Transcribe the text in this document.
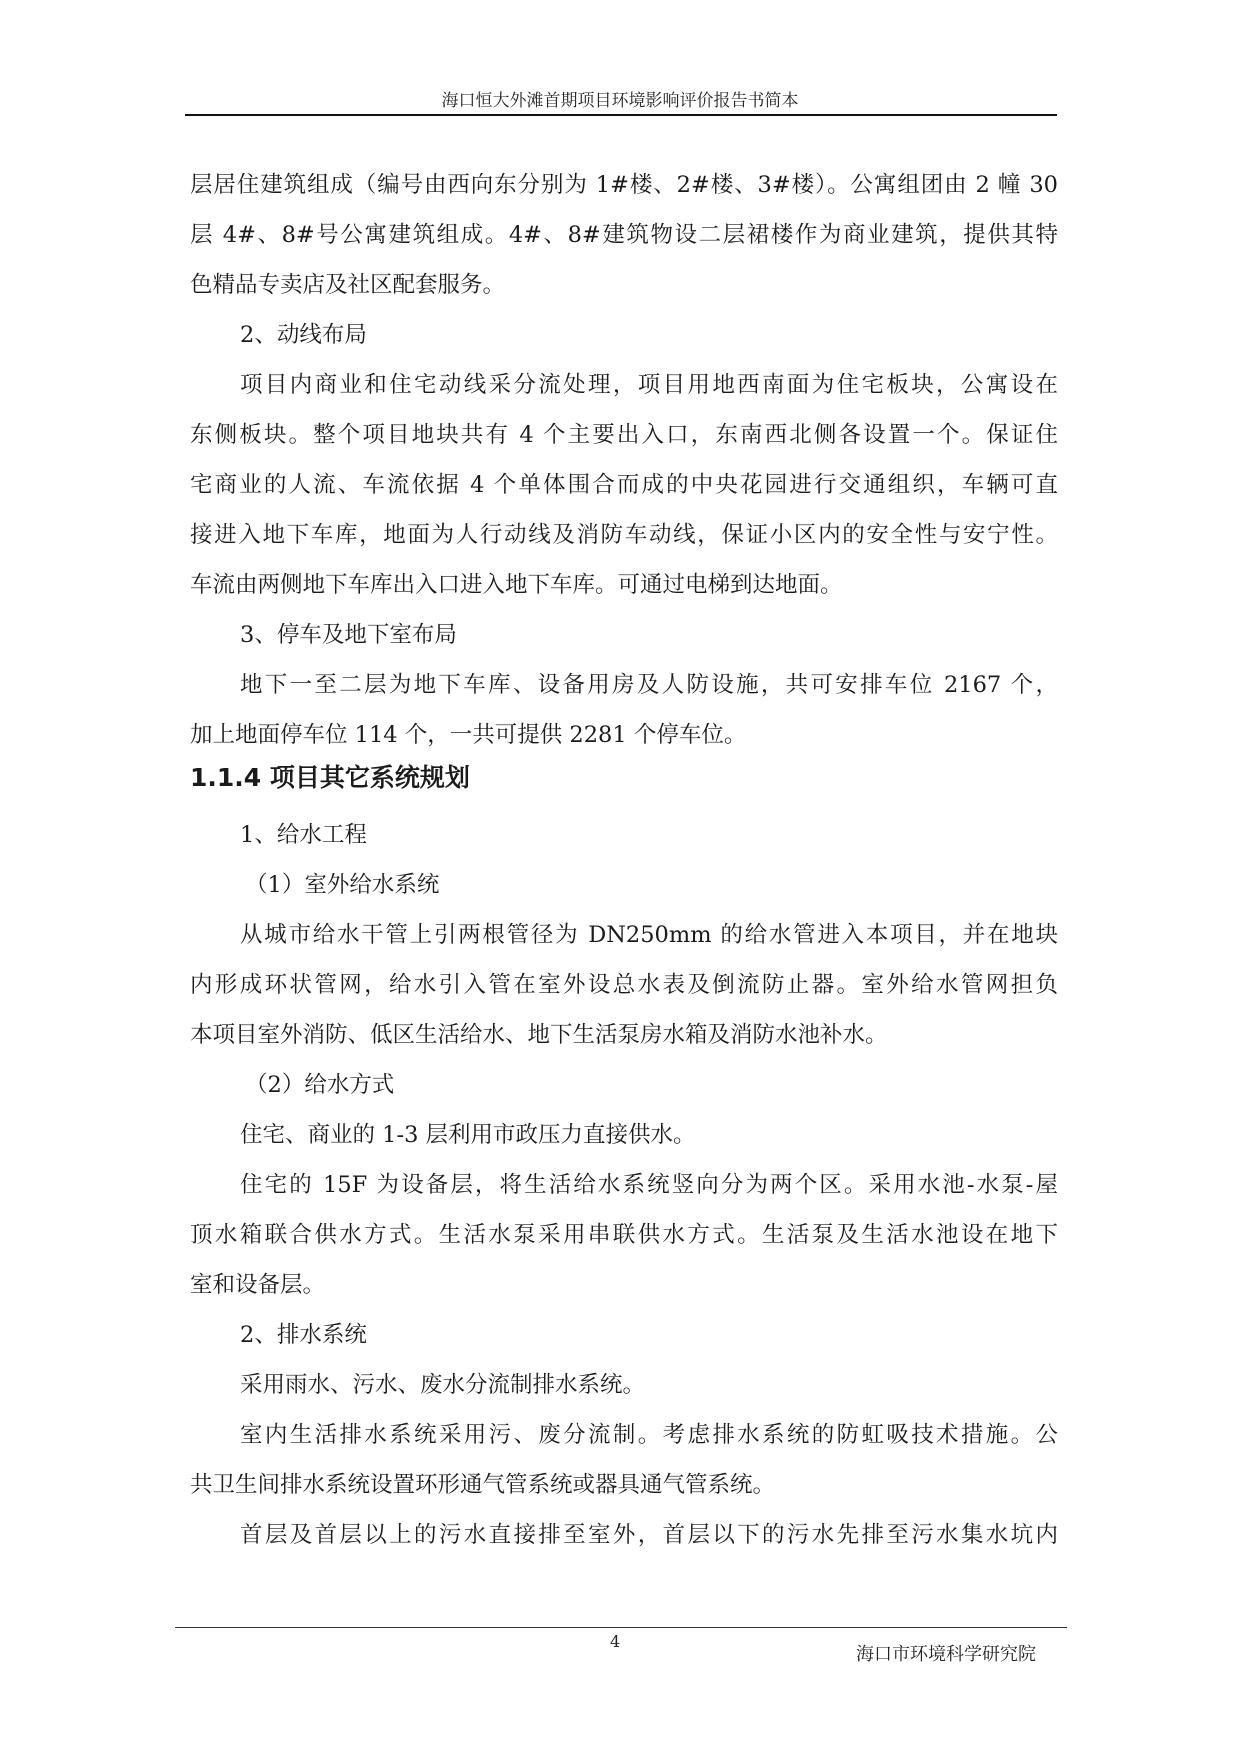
海口恒大外滩首期项目环境影响评价报告书简本

层居住建筑组成（编号由西向东分别为 1#楼、2#楼、3#楼）。公寓组团由 2 幢 30

层 4#、8#号公寓建筑组成。4#、8#建筑物设二层裙楼作为商业建筑，提供其特

色精品专卖店及社区配套服务。

2、动线布局

项目内商业和住宅动线采分流处理，项目用地西南面为住宅板块，公寓设在

东侧板块。整个项目地块共有 4 个主要出入口，东南西北侧各设置一个。保证住

宅商业的人流、车流依据 4 个单体围合而成的中央花园进行交通组织，车辆可直

接进入地下车库，地面为人行动线及消防车动线，保证小区内的安全性与安宁性。

车流由两侧地下车库出入口进入地下车库。可通过电梯到达地面。

3、停车及地下室布局

地下一至二层为地下车库、设备用房及人防设施，共可安排车位 2167 个，

加上地面停车位 114 个，一共可提供 2281 个停车位。

1.1.4 项目其它系统规划

1、给水工程

（1）室外给水系统

从城市给水干管上引两根管径为 DN250mm 的给水管进入本项目，并在地块

内形成环状管网，给水引入管在室外设总水表及倒流防止器。室外给水管网担负

本项目室外消防、低区生活给水、地下生活泵房水箱及消防水池补水。

（2）给水方式

住宅、商业的 1-3 层利用市政压力直接供水。

住宅的 15F 为设备层，将生活给水系统竖向分为两个区。采用水池-水泵-屋

顶水箱联合供水方式。生活水泵采用串联供水方式。生活泵及生活水池设在地下

室和设备层。

2、排水系统

采用雨水、污水、废水分流制排水系统。

室内生活排水系统采用污、废分流制。考虑排水系统的防虹吸技术措施。公

共卫生间排水系统设置环形通气管系统或器具通气管系统。

首层及首层以上的污水直接排至室外，首层以下的污水先排至污水集水坑内

4
海口市环境科学研究院
